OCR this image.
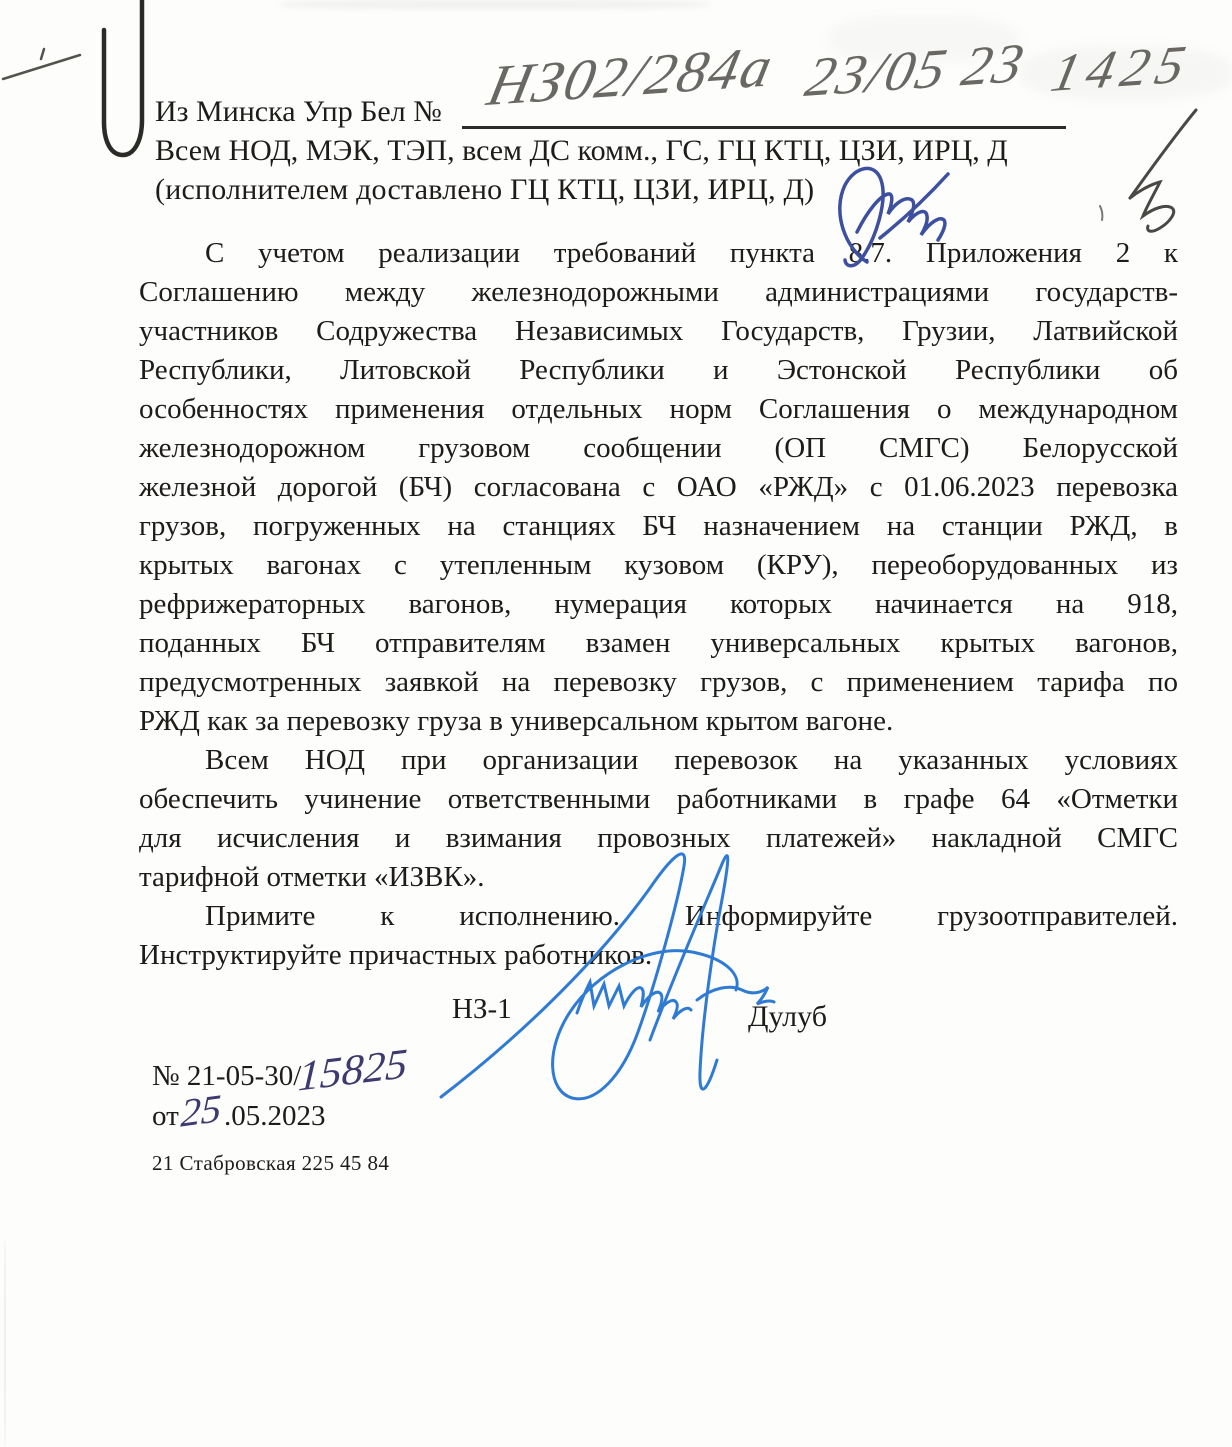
Из Минска Упр Бел №
Всем НОД, МЭК, ТЭП, всем ДС комм., ГС, ГЦ КТЦ, ЦЗИ, ИРЦ, Д
(исполнителем доставлено ГЦ КТЦ, ЦЗИ, ИРЦ, Д)
НЗ02/284а 23/05 23 1425
С учетом реализации требований пункта 8.7. Приложения 2 к
Соглашению между железнодорожными администрациями государств-
участников Содружества Независимых Государств, Грузии, Латвийской
Республики, Литовской Республики и Эстонской Республики об
особенностях применения отдельных норм Соглашения о международном
железнодорожном грузовом сообщении (ОП СМГС) Белорусской
железной дорогой (БЧ) согласована с ОАО «РЖД» с 01.06.2023 перевозка
грузов, погруженных на станциях БЧ назначением на станции РЖД, в
крытых вагонах с утепленным кузовом (КРУ), переоборудованных из
рефрижераторных вагонов, нумерация которых начинается на 918,
поданных БЧ отправителям взамен универсальных крытых вагонов,
предусмотренных заявкой на перевозку грузов, с применением тарифа по
РЖД как за перевозку груза в универсальном крытом вагоне.
Всем НОД при организации перевозок на указанных условиях
обеспечить учинение ответственными работниками в графе 64 «Отметки
для исчисления и взимания провозных платежей» накладной СМГС
тарифной отметки «ИЗВК».
Примите к исполнению. Информируйте грузоотправителей.
Инструктируйте причастных работников.
НЗ-1	Дулуб
№ 21-05-30/
15825
от 25 .05.2023
21 Стабровская 225 45 84
